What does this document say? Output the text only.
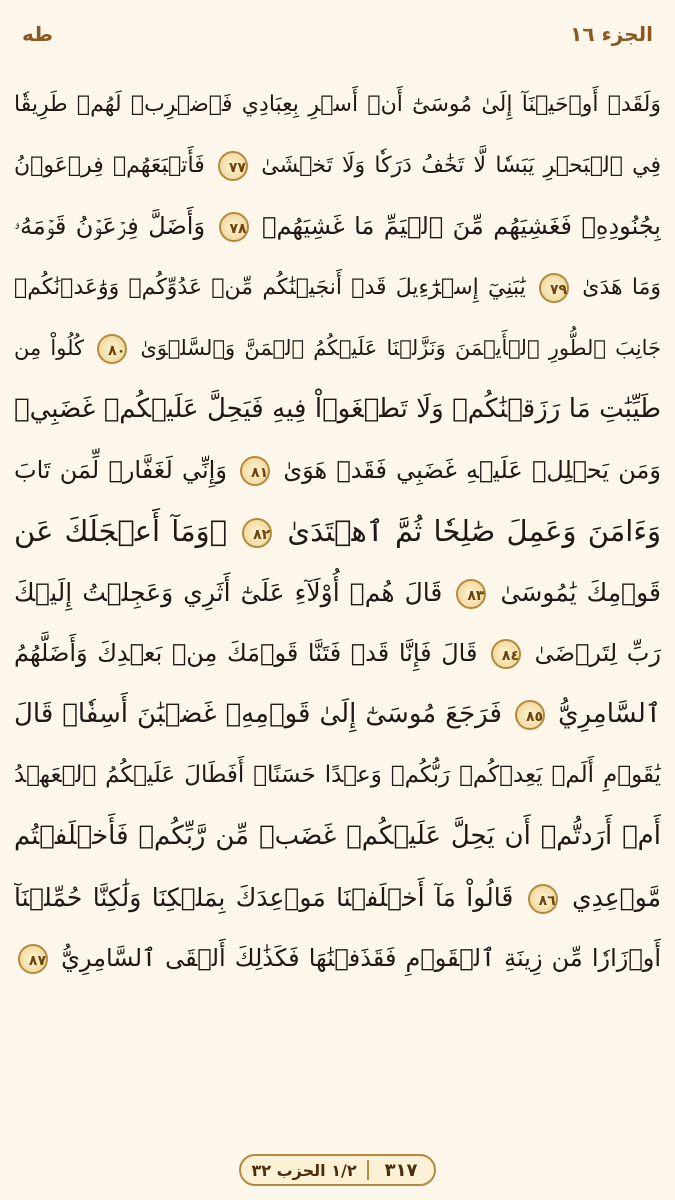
طه	الجزء ١٦
وَلَقَدۡ أَوۡحَيۡنَآ إِلَىٰ مُوسَىٰٓ أَنۡ أَسۡرِ بِعِبَادِي فَٱضۡرِبۡ لَهُمۡ طَرِيقٗا
فِي ٱلۡبَحۡرِ يَبَسٗا لَّا تَخَٰفُ دَرَكٗا وَلَا تَخۡشَىٰ ٧٧ فَأَتۡبَعَهُمۡ فِرۡعَوۡنُ
بِجُنُودِهِۦ فَغَشِيَهُم مِّنَ ٱلۡيَمِّ مَا غَشِيَهُمۡ ٧٨ وَأَضَلَّ فِرۡعَوۡنُ قَوۡمَهُۥ
وَمَا هَدَىٰ ٧٩ يَٰبَنِيٓ إِسۡرَٰٓءِيلَ قَدۡ أَنجَيۡنَٰكُم مِّنۡ عَدُوِّكُمۡ وَوَٰعَدۡنَٰكُمۡ
جَانِبَ ٱلطُّورِ ٱلۡأَيۡمَنَ وَنَزَّلۡنَا عَلَيۡكُمُ ٱلۡمَنَّ وَٱلسَّلۡوَىٰ ٨٠ كُلُواْ مِن
طَيِّبَٰتِ مَا رَزَقۡنَٰكُمۡ وَلَا تَطۡغَوۡاْ فِيهِ فَيَحِلَّ عَلَيۡكُمۡ غَضَبِيۖ
وَمَن يَحۡلِلۡ عَلَيۡهِ غَضَبِي فَقَدۡ هَوَىٰ ٨١ وَإِنِّي لَغَفَّارٞ لِّمَن تَابَ
وَءَامَنَ وَعَمِلَ صَٰلِحٗا ثُمَّ ٱهۡتَدَىٰ ٨٢ ۞وَمَآ أَعۡجَلَكَ عَن
قَوۡمِكَ يَٰمُوسَىٰ ٨٣ قَالَ هُمۡ أُوْلَآءِ عَلَىٰٓ أَثَرِي وَعَجِلۡتُ إِلَيۡكَ
رَبِّ لِتَرۡضَىٰ ٨٤ قَالَ فَإِنَّا قَدۡ فَتَنَّا قَوۡمَكَ مِنۢ بَعۡدِكَ وَأَضَلَّهُمُ
ٱلسَّامِرِيُّ ٨٥ فَرَجَعَ مُوسَىٰٓ إِلَىٰ قَوۡمِهِۦ غَضۡبَٰنَ أَسِفٗاۚ قَالَ
يَٰقَوۡمِ أَلَمۡ يَعِدۡكُمۡ رَبُّكُمۡ وَعۡدًا حَسَنًاۚ أَفَطَالَ عَلَيۡكُمُ ٱلۡعَهۡدُ
أَمۡ أَرَدتُّمۡ أَن يَحِلَّ عَلَيۡكُمۡ غَضَبٞ مِّن رَّبِّكُمۡ فَأَخۡلَفۡتُم
مَّوۡعِدِي ٨٦ قَالُواْ مَآ أَخۡلَفۡنَا مَوۡعِدَكَ بِمَلۡكِنَا وَلَٰكِنَّا حُمِّلۡنَآ
أَوۡزَارٗا مِّن زِينَةِ ٱلۡقَوۡمِ فَقَذَفۡنَٰهَا فَكَذَٰلِكَ أَلۡقَى ٱلسَّامِرِيُّ ٨٧
٣١٧
١/٢ الحزب ٣٢
